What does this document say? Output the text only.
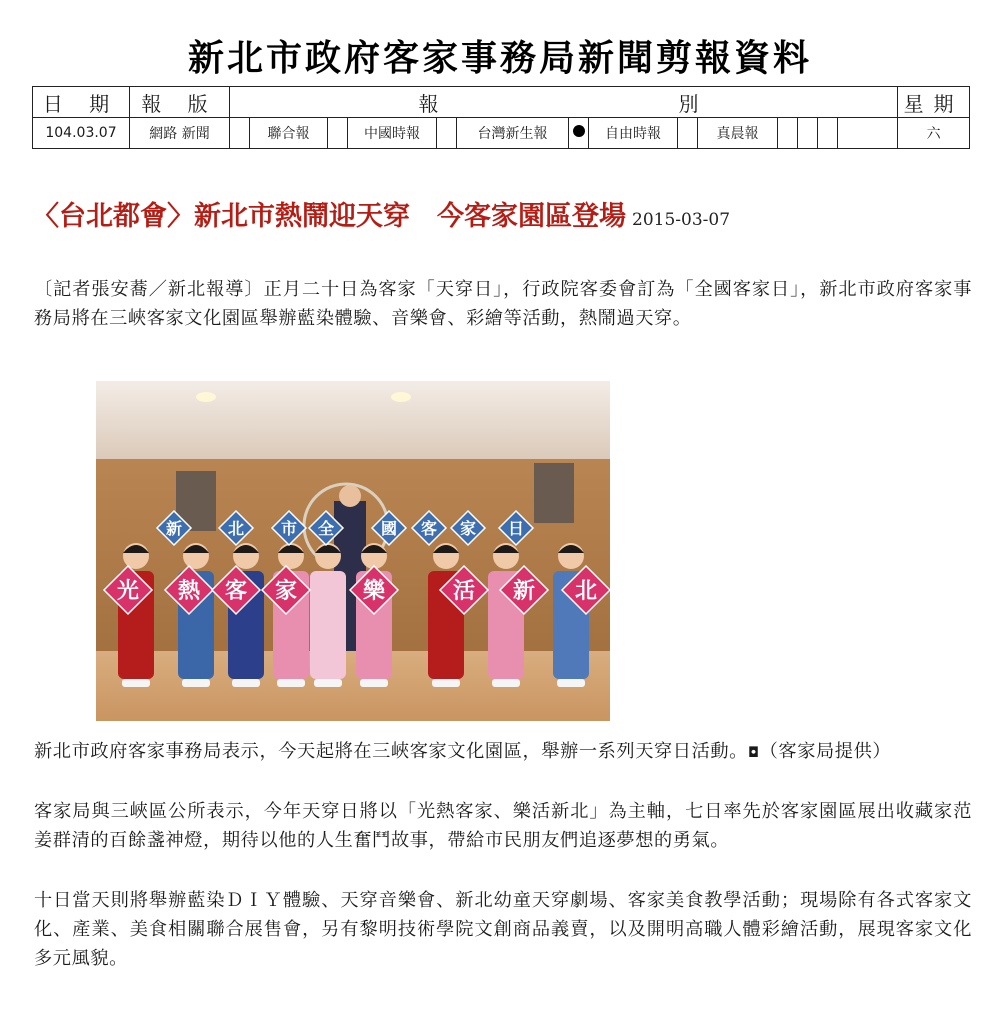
新北市政府客家事務局新聞剪報資料
日 期	報 版	報 別														星期
104.03.07	網路 新聞		聯合報		中國時報		台灣新生報		自由時報		真晨報					六
〈台北都會〉新北市熱鬧迎天穿　今客家園區登場 2015-03-07
〔記者張安蕎／新北報導〕正月二十日為客家「天穿日」，行政院客委會訂為「全國客家日」，新北市政府客家事務局將在三峽客家文化園區舉辦藍染體驗、音樂會、彩繪等活動，熱鬧過天穿。
新	北 市 全	國 客 家 日
光 熱 客 家	樂	活 新 北
新北市政府客家事務局表示，今天起將在三峽客家文化園區，舉辦一系列天穿日活動。◘（客家局提供）
客家局與三峽區公所表示，今年天穿日將以「光熱客家、樂活新北」為主軸，七日率先於客家園區展出收藏家范姜群清的百餘盞神燈，期待以他的人生奮鬥故事，帶給市民朋友們追逐夢想的勇氣。
十日當天則將舉辦藍染ＤＩＹ體驗、天穿音樂會、新北幼童天穿劇場、客家美食教學活動；現場除有各式客家文化、產業、美食相關聯合展售會，另有黎明技術學院文創商品義賣，以及開明高職人體彩繪活動，展現客家文化多元風貌。
